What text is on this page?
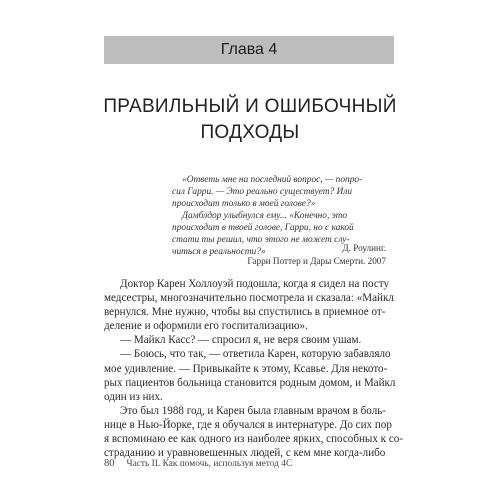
Глава 4
ПРАВИЛЬНЫЙ И ОШИБОЧНЫЙ
ПОДХОДЫ

«Ответь мне на последний вопрос, — попро-

сил Гарри. — Это реально существует? Или

происходит только в моей голове?»

Дамблдор улыбнулся ему... «Конечно, это

происходит в твоей голове, Гарри, но с какой

стати ты решил, что этого не может слу-

читься в реальности?»	Д. Роулинг.
Гарри Поттер и Дары Смерти. 2007

Доктор Карен Холлоуэй подошла, когда я сидел на посту

медсестры, многозначительно посмотрела и сказала: «Майкл

вернулся. Мне нужно, чтобы вы спустились в приемное от-

деление и оформили его госпитализацию».

— Майкл Касс? — спросил я, не веря своим ушам.

— Боюсь, что так, — ответила Карен, которую забавляло

мое удивление. — Привыкайте к этому, Ксавье. Для некото-

рых пациентов больница становится родным домом, и Майкл

один из них.

Это был 1988 год, и Карен была главным врачом в боль-

нице в Нью-Йорке, где я обучался в интернатуре. До сих пор

я вспоминаю ее как одного из наиболее ярких, способных к со-

страданию и уравновешенных людей, с кем мне когда-либо

80 Часть II. Как помочь, используя метод 4С
